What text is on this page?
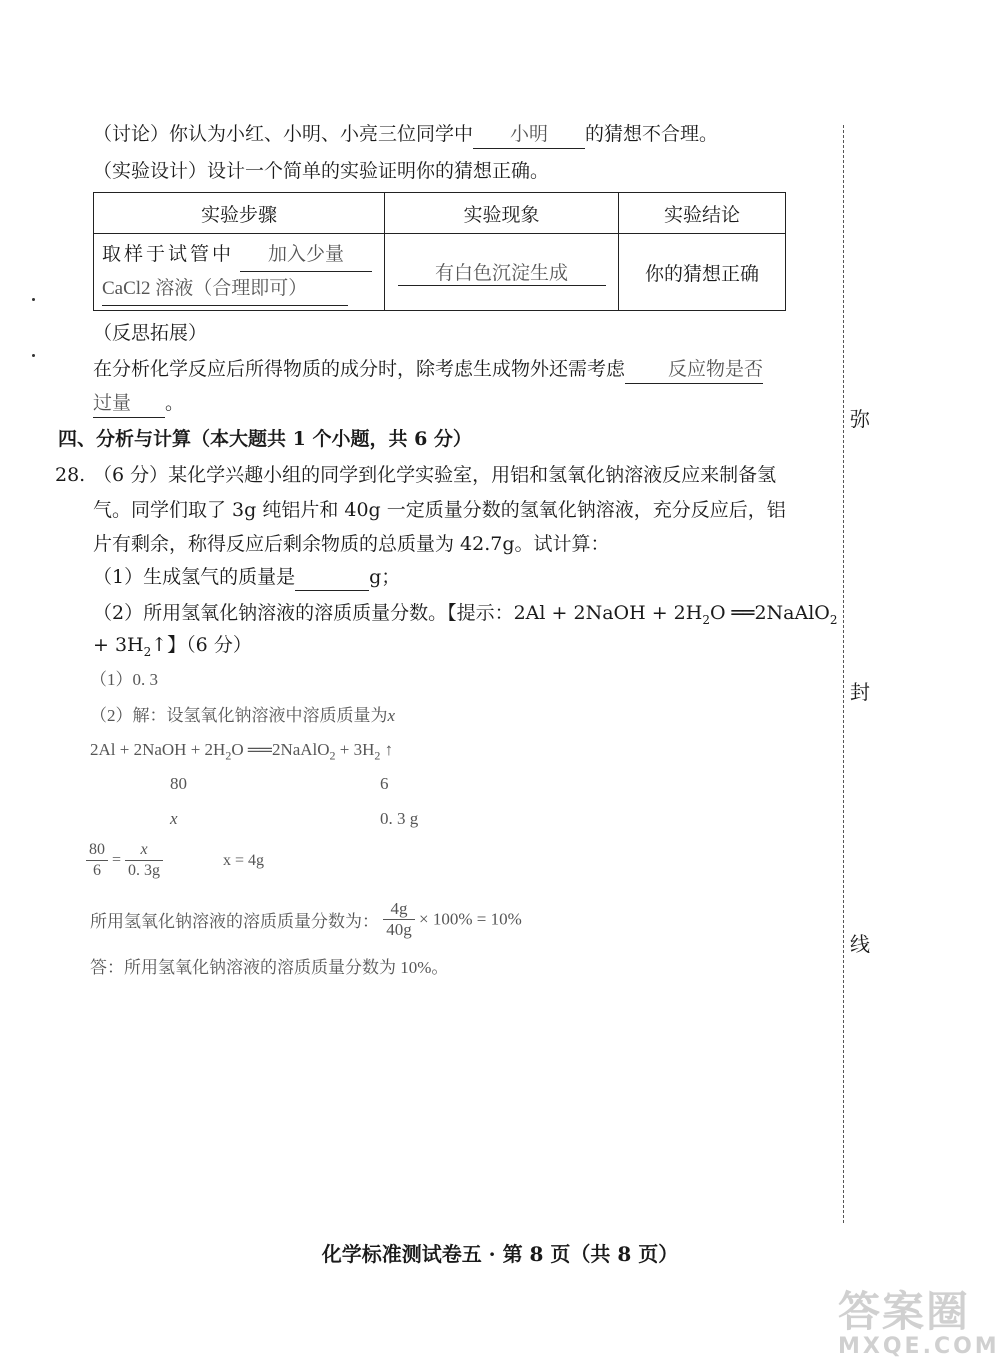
（讨论）你认为小红、小明、小亮三位同学中 小明 的猜想不合理。
（实验设计）设计一个简单的实验证明你的猜想正确。
实验步骤	实验现象	实验结论

取样于试管中 加入少量
CaCl2 溶液（合理即可）	有白色沉淀生成	你的猜想正确
（反思拓展）
在分析化学反应后所得物质的成分时，除考虑生成物外还需考虑 反应物是否
过量 。
四、分析与计算（本大题共 1 个小题，共 6 分）
28. （6 分）某化学兴趣小组的同学到化学实验室，用铝和氢氧化钠溶液反应来制备氢
气。同学们取了 3g 纯铝片和 40g 一定质量分数的氢氧化钠溶液，充分反应后，铝
片有剩余，称得反应后剩余物质的总质量为 42.7g。试计算：
（1）生成氢气的质量是	g；
（2）所用氢氧化钠溶液的溶质质量分数。【提示：2Al + 2NaOH + $2H_2O$ ══2NaAlO$_2$
+ $3H_2↑$】（6 分）
（1）0. 3
（2）解：设氢氧化钠溶液中溶质质量为x
2Al + 2NaOH + $2H_2O$ ══2NaAlO$_2$ + $3H_2$ ↑
80	6
x	0. 3 g
$\frac{80}{6} = \frac{x}{0. 3g}$	x = 4g
所用氢氧化钠溶液的溶质质量分数为： $\frac{4g}{40g} \times 100\% = 10\%$
答：所用氢氧化钠溶液的溶质质量分数为 10%。
弥
封
线
化学标准测试卷五 · 第 8 页（共 8 页）
答案圈
MXQE.COM
